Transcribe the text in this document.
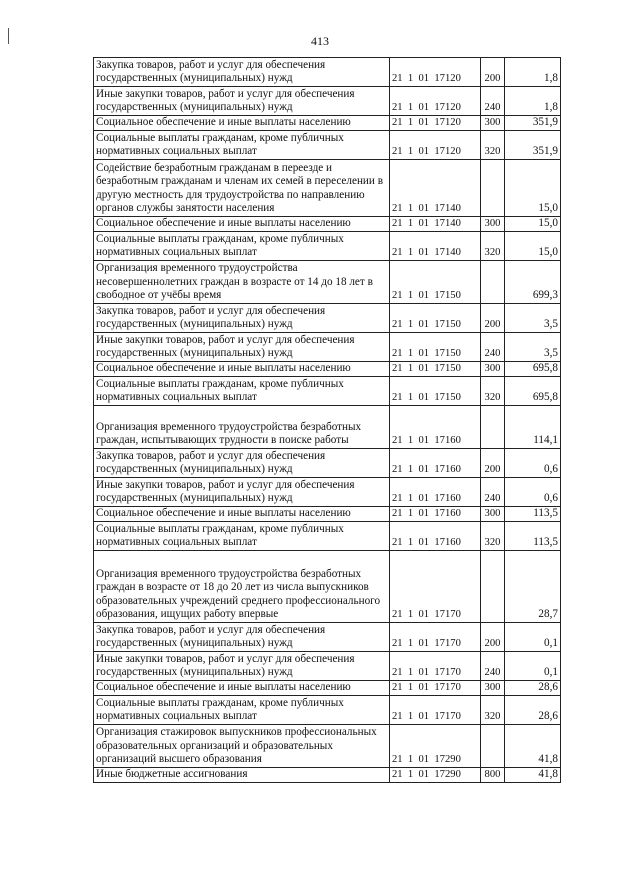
413
Закупка товаров, работ и услуг для обеспечения государственных (муниципальных) нужд	21  1  01  17120	200	1,8
Иные закупки товаров, работ и услуг для обеспечения государственных (муниципальных) нужд	21  1  01  17120	240	1,8
Социальное обеспечение и иные выплаты населению	21  1  01  17120	300	351,9
Социальные выплаты гражданам, кроме публичных нормативных социальных выплат	21  1  01  17120	320	351,9
Содействие безработным гражданам в переезде и безработным гражданам и членам их семей в переселении в другую местность для трудоустройства по направлению органов службы занятости населения	21  1  01  17140		15,0
Социальное обеспечение и иные выплаты населению	21  1  01  17140	300	15,0
Социальные выплаты гражданам, кроме публичных нормативных социальных выплат	21  1  01  17140	320	15,0
Организация временного трудоустройства несовершеннолетних граждан в возрасте от 14 до 18 лет в свободное от учёбы время	21  1  01  17150		699,3
Закупка товаров, работ и услуг для обеспечения государственных (муниципальных) нужд	21  1  01  17150	200	3,5
Иные закупки товаров, работ и услуг для обеспечения государственных (муниципальных) нужд	21  1  01  17150	240	3,5
Социальное обеспечение и иные выплаты населению	21  1  01  17150	300	695,8
Социальные выплаты гражданам, кроме публичных нормативных социальных выплат	21  1  01  17150	320	695,8
Организация временного трудоустройства безработных граждан, испытывающих трудности в поиске работы	21  1  01  17160		114,1
Закупка товаров, работ и услуг для обеспечения государственных (муниципальных) нужд	21  1  01  17160	200	0,6
Иные закупки товаров, работ и услуг для обеспечения государственных (муниципальных) нужд	21  1  01  17160	240	0,6
Социальное обеспечение и иные выплаты населению	21  1  01  17160	300	113,5
Социальные выплаты гражданам, кроме публичных нормативных социальных выплат	21  1  01  17160	320	113,5
Организация временного трудоустройства безработных граждан в возрасте от 18 до 20 лет из числа выпускников образовательных учреждений среднего профессионального образования, ищущих работу впервые	21  1  01  17170		28,7
Закупка товаров, работ и услуг для обеспечения государственных (муниципальных) нужд	21  1  01  17170	200	0,1
Иные закупки товаров, работ и услуг для обеспечения государственных (муниципальных) нужд	21  1  01  17170	240	0,1
Социальное обеспечение и иные выплаты населению	21  1  01  17170	300	28,6
Социальные выплаты гражданам, кроме публичных нормативных социальных выплат	21  1  01  17170	320	28,6
Организация стажировок выпускников профессиональных образовательных организаций и образовательных организаций высшего образования	21  1  01  17290		41,8
Иные бюджетные ассигнования	21  1  01  17290	800	41,8
